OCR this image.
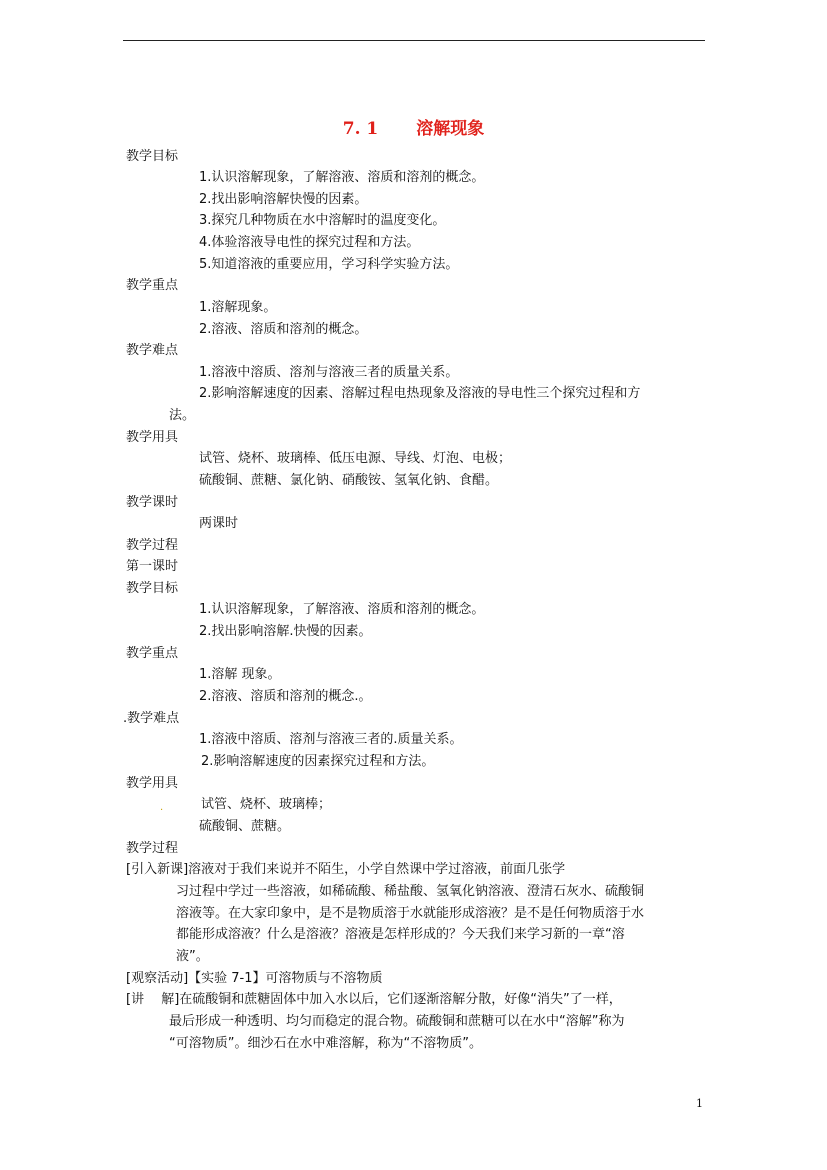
7. 1 溶解现象
教学目标
1.认识溶解现象，了解溶液、溶质和溶剂的概念。
2.找出影响溶解快慢的因素。
3.探究几种物质在水中溶解时的温度变化。
4.体验溶液导电性的探究过程和方法。
5.知道溶液的重要应用，学习科学实验方法。
教学重点
1.溶解现象。
2.溶液、溶质和溶剂的概念。
教学难点
1.溶液中溶质、溶剂与溶液三者的质量关系。
2.影响溶解速度的因素、溶解过程电热现象及溶液的导电性三个探究过程和方
法。
教学用具
试管、烧杯、玻璃棒、低压电源、导线、灯泡、电极；
硫酸铜、蔗糖、氯化钠、硝酸铵、氢氧化钠、食醋。
教学课时
两课时
教学过程
第一课时
教学目标
1.认识溶解现象，了解溶液、溶质和溶剂的概念。
2.找出影响溶解.快慢的因素。
教学重点
1.溶解 现象。
2.溶液、溶质和溶剂的概念.。
.教学难点
1.溶液中溶质、溶剂与溶液三者的.质量关系。
2.影响溶解速度的因素探究过程和方法。
教学用具
试管、烧杯、玻璃棒；
硫酸铜、蔗糖。
教学过程
[引入新课]溶液对于我们来说并不陌生，小学自然课中学过溶液，前面几张学
习过程中学过一些溶液，如稀硫酸、稀盐酸、氢氧化钠溶液、澄清石灰水、硫酸铜
溶液等。在大家印象中，是不是物质溶于水就能形成溶液？是不是任何物质溶于水
都能形成溶液？什么是溶液？溶液是怎样形成的？今天我们来学习新的一章“溶
液”。
[观察活动]【实验 7-1】可溶物质与不溶物质
[讲　 解]在硫酸铜和蔗糖固体中加入水以后，它们逐渐溶解分散，好像“消失”了一样，
最后形成一种透明、均匀而稳定的混合物。硫酸铜和蔗糖可以在水中“溶解”称为
“可溶物质”。细沙石在水中难溶解，称为“不溶物质”。
.
1
